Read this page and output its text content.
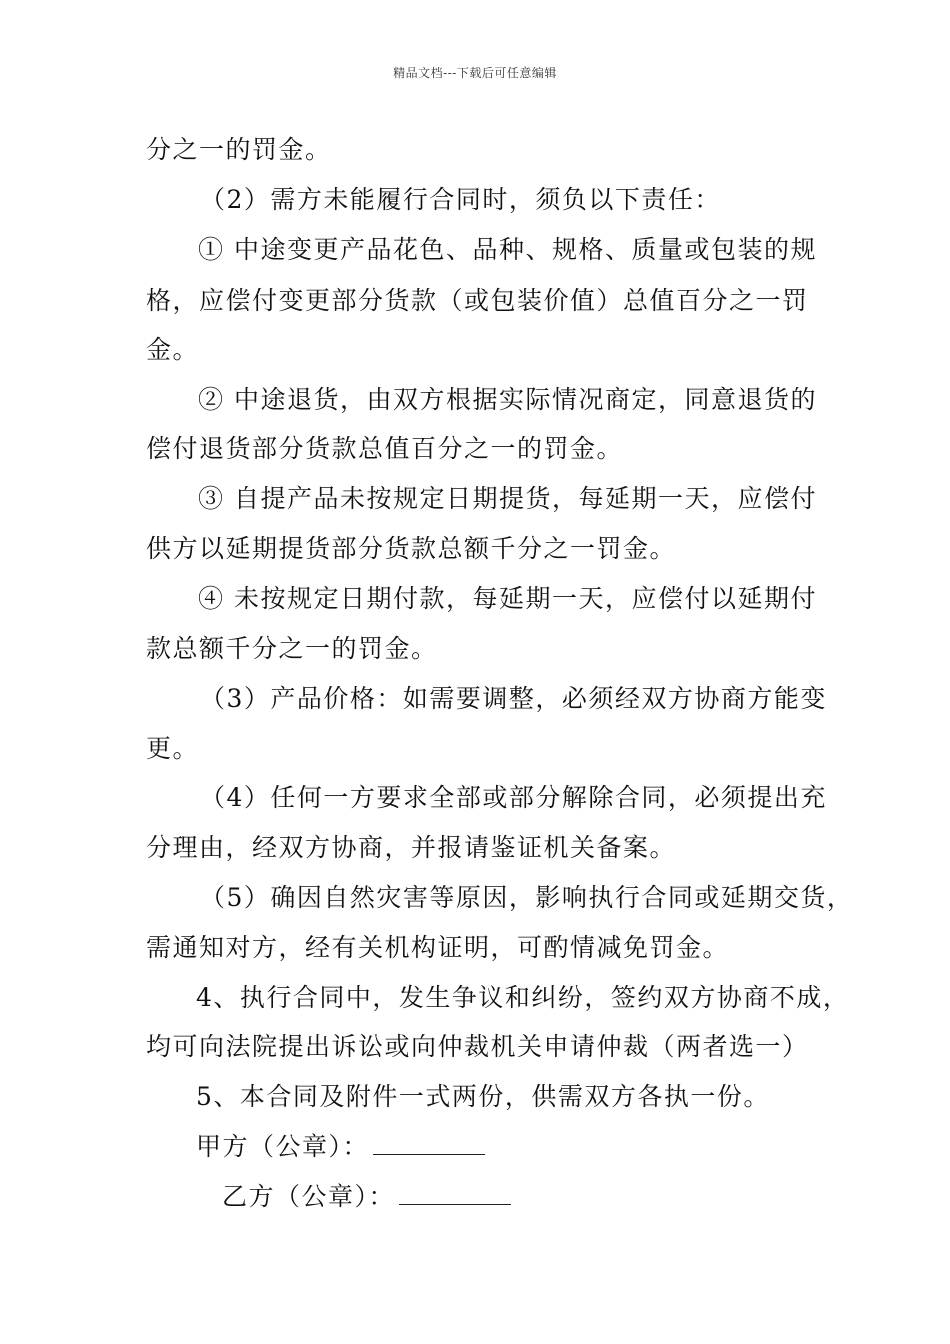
精品文档---下载后可任意编辑
分之一的罚金。
（2）需方未能履行合同时，须负以下责任：
① 中途变更产品花色、品种、规格、质量或包装的规
格，应偿付变更部分货款（或包装价值）总值百分之一罚
金。
② 中途退货，由双方根据实际情况商定，同意退货的
偿付退货部分货款总值百分之一的罚金。
③ 自提产品未按规定日期提货，每延期一天，应偿付
供方以延期提货部分货款总额千分之一罚金。
④ 未按规定日期付款，每延期一天，应偿付以延期付
款总额千分之一的罚金。
（3）产品价格：如需要调整，必须经双方协商方能变
更。
（4）任何一方要求全部或部分解除合同，必须提出充
分理由，经双方协商，并报请鉴证机关备案。
（5）确因自然灾害等原因，影响执行合同或延期交货，
需通知对方，经有关机构证明，可酌情减免罚金。
4、执行合同中，发生争议和纠纷，签约双方协商不成，
均可向法院提出诉讼或向仲裁机关申请仲裁（两者选一）
5、本合同及附件一式两份，供需双方各执一份。
甲方（公章）：
乙方（公章）：
